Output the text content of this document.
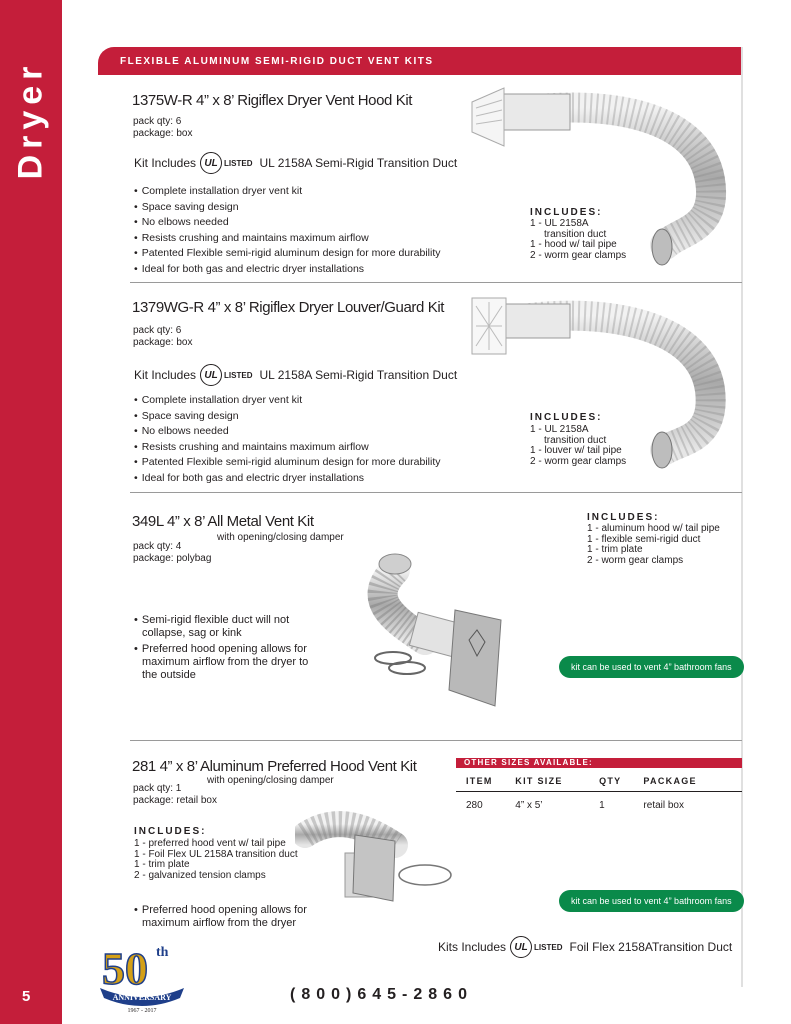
Dryer
5
FLEXIBLE ALUMINUM SEMI-RIGID DUCT VENT KITS
1375W-R 4” x 8’ Rigiflex Dryer Vent Hood Kit
pack qty: 6
package: box
Kit Includes UL LISTED UL 2158A Semi-Rigid Transition Duct
• Complete installation dryer vent kit
• Space saving design
• No elbows needed
• Resists crushing and maintains maximum airflow
• Patented Flexible semi-rigid aluminum design for more durability
• Ideal for both gas and electric dryer installations
INCLUDES:
1 - UL 2158A
transition duct
1 - hood w/ tail pipe
2 - worm gear clamps
1379WG-R 4” x 8’ Rigiflex Dryer Louver/Guard Kit
pack qty: 6
package: box
Kit Includes UL LISTED UL 2158A Semi-Rigid Transition Duct
• Complete installation dryer vent kit
• Space saving design
• No elbows needed
• Resists crushing and maintains maximum airflow
• Patented Flexible semi-rigid aluminum design for more durability
• Ideal for both gas and electric dryer installations
INCLUDES:
1 - UL 2158A
transition duct
1 - louver w/ tail pipe
2 - worm gear clamps
349L 4” x 8’ All Metal Vent Kit
with opening/closing damper
pack qty: 4
package: polybag
• Semi-rigid flexible duct will not collapse, sag or kink
• Preferred hood opening allows for maximum airflow from the dryer to the outside
INCLUDES:
1 - aluminum hood w/ tail pipe
1 - flexible semi-rigid duct
1 - trim plate
2 - worm gear clamps
kit can be used to vent 4” bathroom fans
281 4” x 8’ Aluminum Preferred Hood Vent Kit
with opening/closing damper
pack qty: 1
package: retail box
INCLUDES:
1 - preferred hood vent w/ tail pipe
1 - Foil Flex UL 2158A transition duct
1 - trim plate
2 - galvanized tension clamps
• Preferred hood opening allows for maximum airflow from the dryer
OTHER SIZES AVAILABLE:
ITEM	KIT SIZE	QTY	PACKAGE
280	4” x 5’	1	retail box
kit can be used to vent 4” bathroom fans
Kits Includes UL LISTED Foil Flex 2158ATransition Duct
50 th
ANNIVERSARY
1967 - 2017
(800)645-2860
